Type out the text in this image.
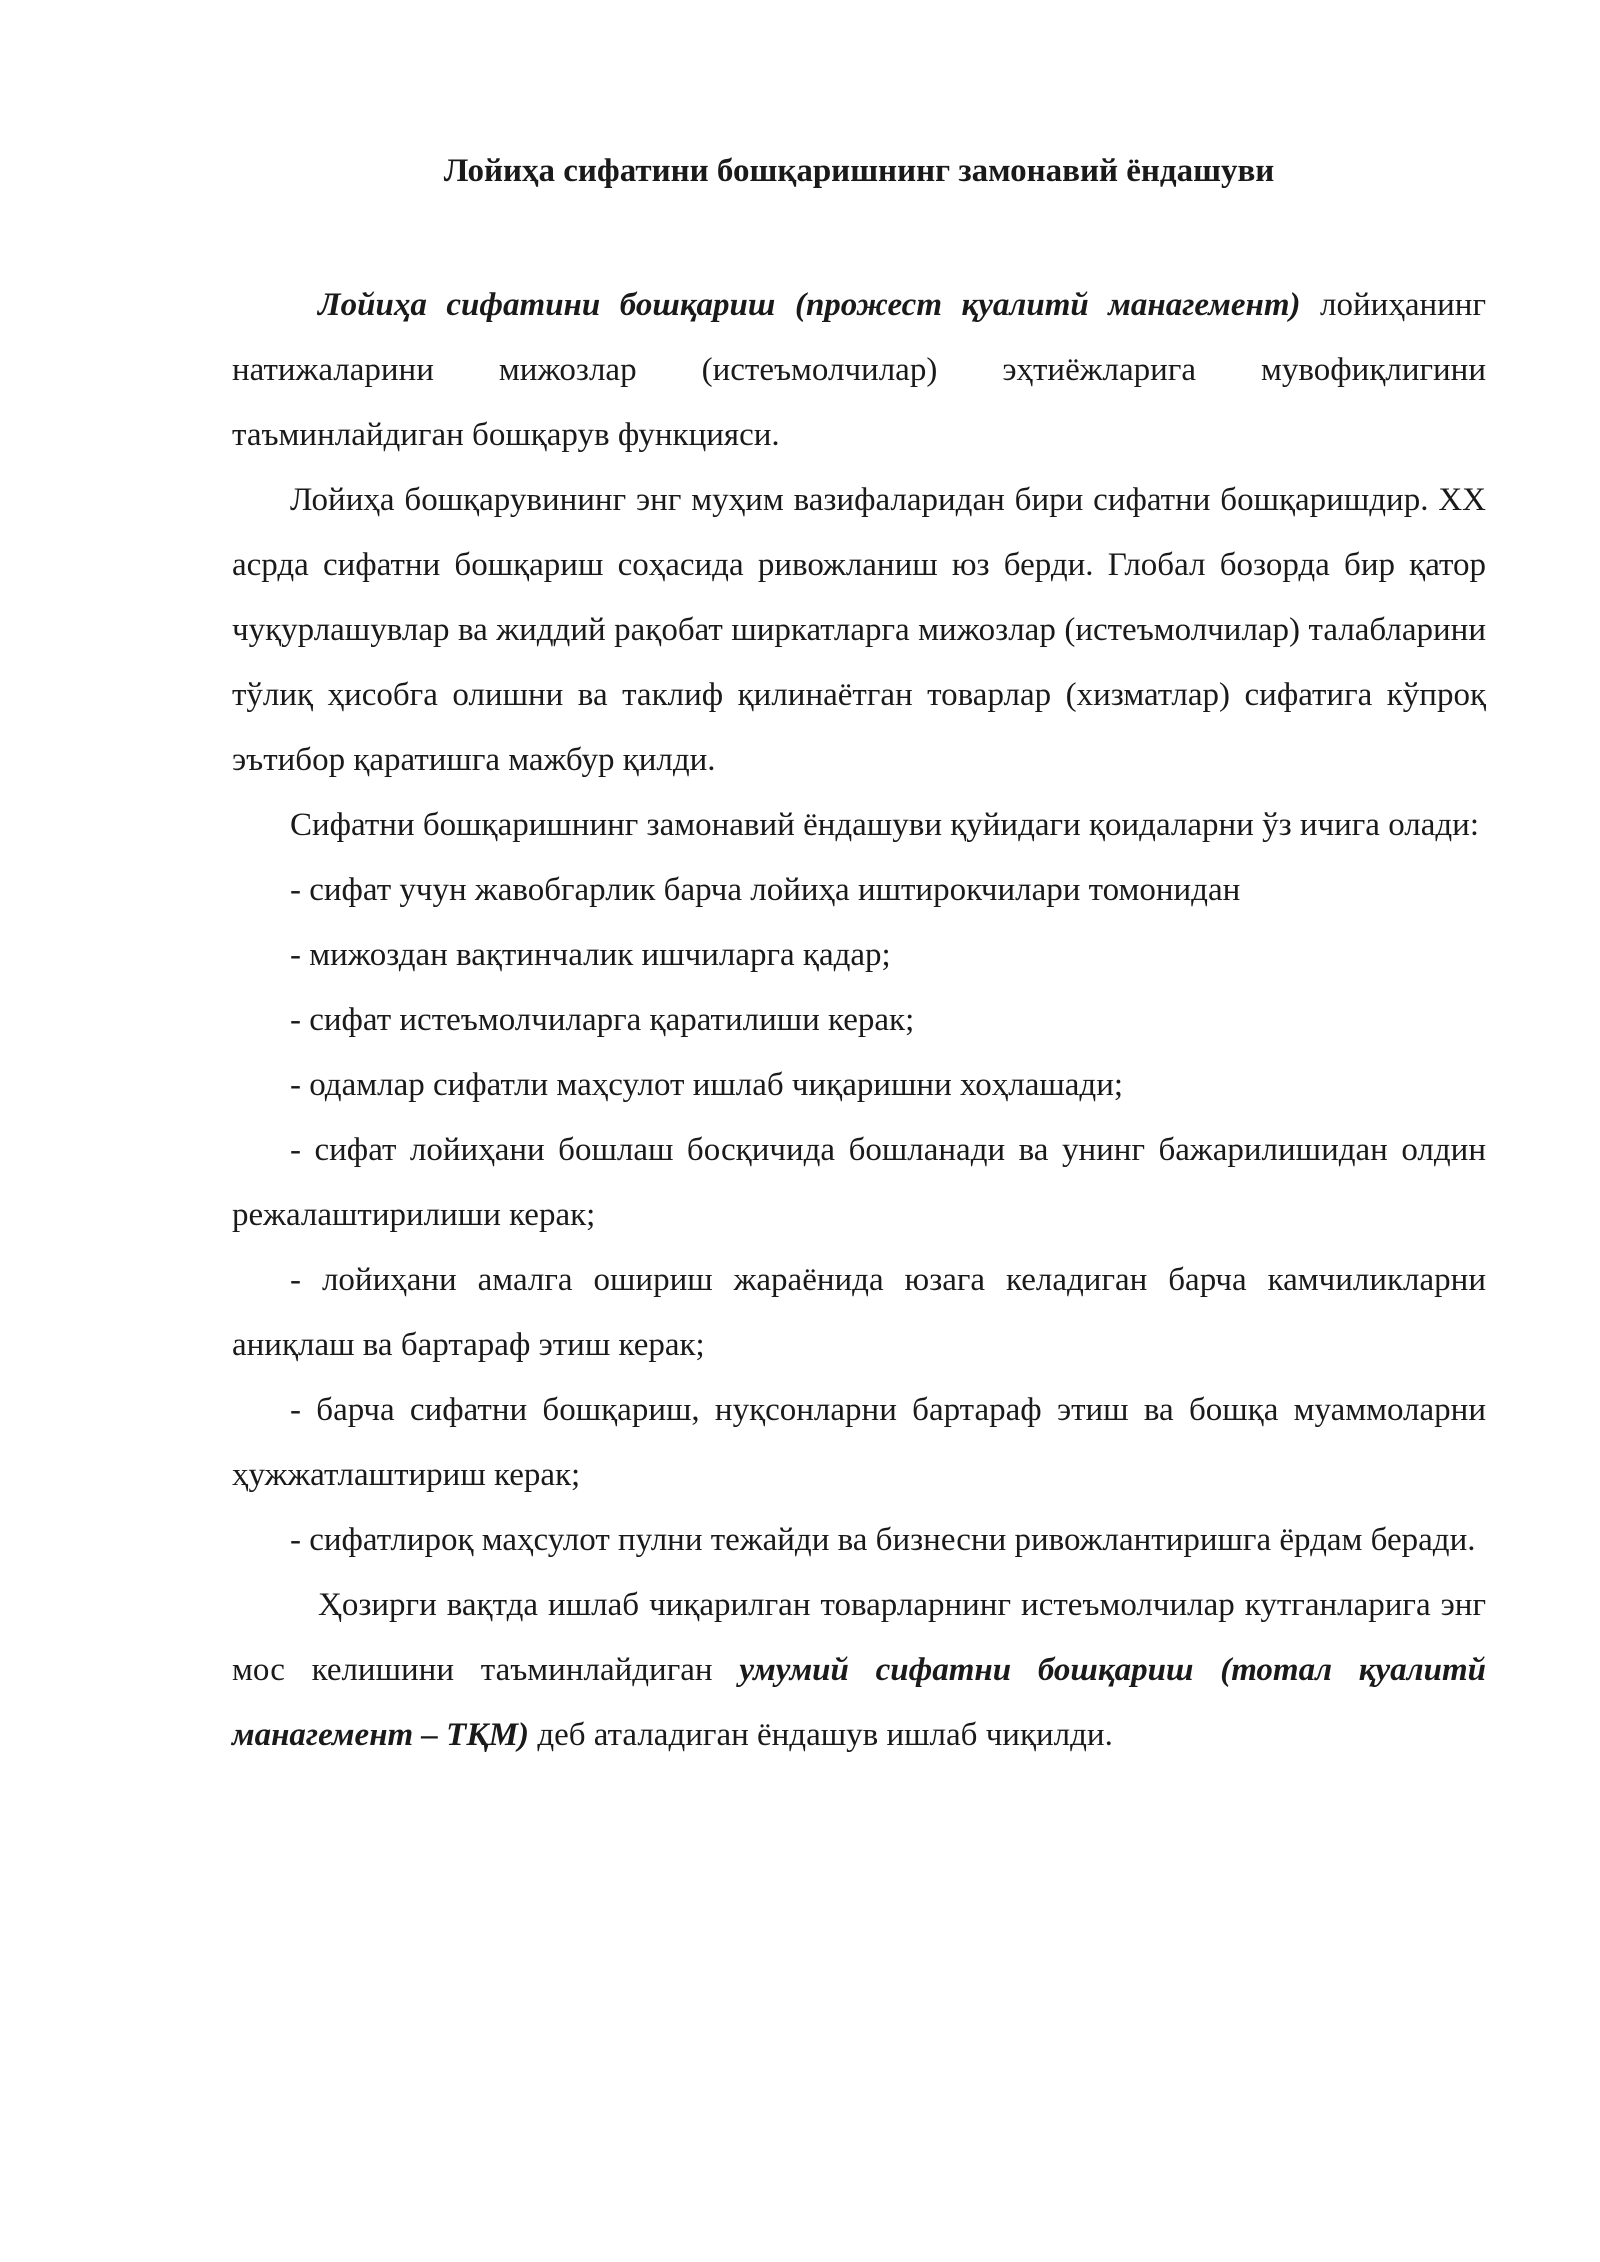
Лойиҳа сифатини бошқаришнинг замонавий ёндашуви

Лойиҳа сифатини бошқариш (прожест қуалитй манагемент) лойиҳанинг натижаларини мижозлар (истеъмолчилар) эҳтиёжларига мувофиқлигини таъминлайдиган бошқарув функцияси.

Лойиҳа бошқарувининг энг муҳим вазифаларидан бири сифатни бошқаришдир. ХХ асрда сифатни бошқариш соҳасида ривожланиш юз берди. Глобал бозорда бир қатор чуқурлашувлар ва жиддий рақобат ширкатларга мижозлар (истеъмолчилар) талабларини тўлиқ ҳисобга олишни ва таклиф қилинаётган товарлар (хизматлар) сифатига кўпроқ эътибор қаратишга мажбур қилди.

Сифатни бошқаришнинг замонавий ёндашуви қуйидаги қоидаларни ўз ичига олади:

- сифат учун жавобгарлик барча лойиҳа иштирокчилари томонидан

- мижоздан вақтинчалик ишчиларга қадар;

- сифат истеъмолчиларга қаратилиши керак;

- одамлар сифатли маҳсулот ишлаб чиқаришни хоҳлашади;

- сифат лойиҳани бошлаш босқичида бошланади ва унинг бажарилишидан олдин режалаштирилиши керак;

- лойиҳани амалга ошириш жараёнида юзага келадиган барча камчиликларни аниқлаш ва бартараф этиш керак;

- барча сифатни бошқариш, нуқсонларни бартараф этиш ва бошқа муаммоларни ҳужжатлаштириш керак;

- сифатлироқ маҳсулот пулни тежайди ва бизнесни ривожлантиришга ёрдам беради.

Ҳозирги вақтда ишлаб чиқарилган товарларнинг истеъмолчилар кутганларига энг мос келишини таъминлайдиган умумий сифатни бошқариш (тотал қуалитй манагемент – ТҚМ) деб аталадиган ёндашув ишлаб чиқилди.
